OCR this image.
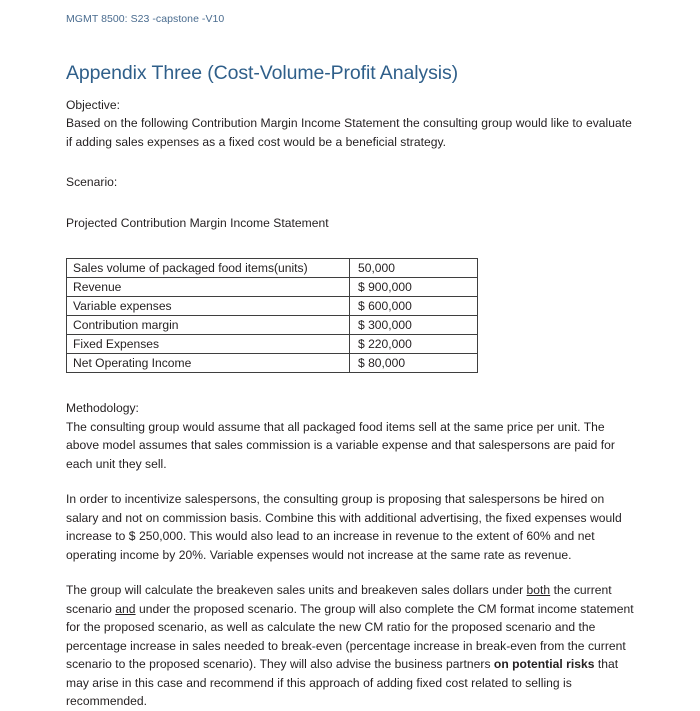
MGMT 8500: S23 -capstone -V10
Appendix Three (Cost-Volume-Profit Analysis)

Objective:

Based on the following Contribution Margin Income Statement the consulting group would like to evaluate if adding sales expenses as a fixed cost would be a beneficial strategy.

Scenario:

Projected Contribution Margin Income Statement

Sales volume of packaged food items(units)	50,000
Revenue	$ 900,000
Variable expenses	$ 600,000
Contribution margin	$ 300,000
Fixed Expenses	$ 220,000
Net Operating Income	$ 80,000

Methodology:

The consulting group would assume that all packaged food items sell at the same price per unit. The above model assumes that sales commission is a variable expense and that salespersons are paid for each unit they sell.

In order to incentivize salespersons, the consulting group is proposing that salespersons be hired on salary and not on commission basis. Combine this with additional advertising, the fixed expenses would increase to $ 250,000. This would also lead to an increase in revenue to the extent of 60% and net operating income by 20%. Variable expenses would not increase at the same rate as revenue.

The group will calculate the breakeven sales units and breakeven sales dollars under both the current scenario and under the proposed scenario. The group will also complete the CM format income statement for the proposed scenario, as well as calculate the new CM ratio for the proposed scenario and the percentage increase in sales needed to break-even (percentage increase in break-even from the current scenario to the proposed scenario). They will also advise the business partners on potential risks that may arise in this case and recommend if this approach of adding fixed cost related to selling is recommended.
